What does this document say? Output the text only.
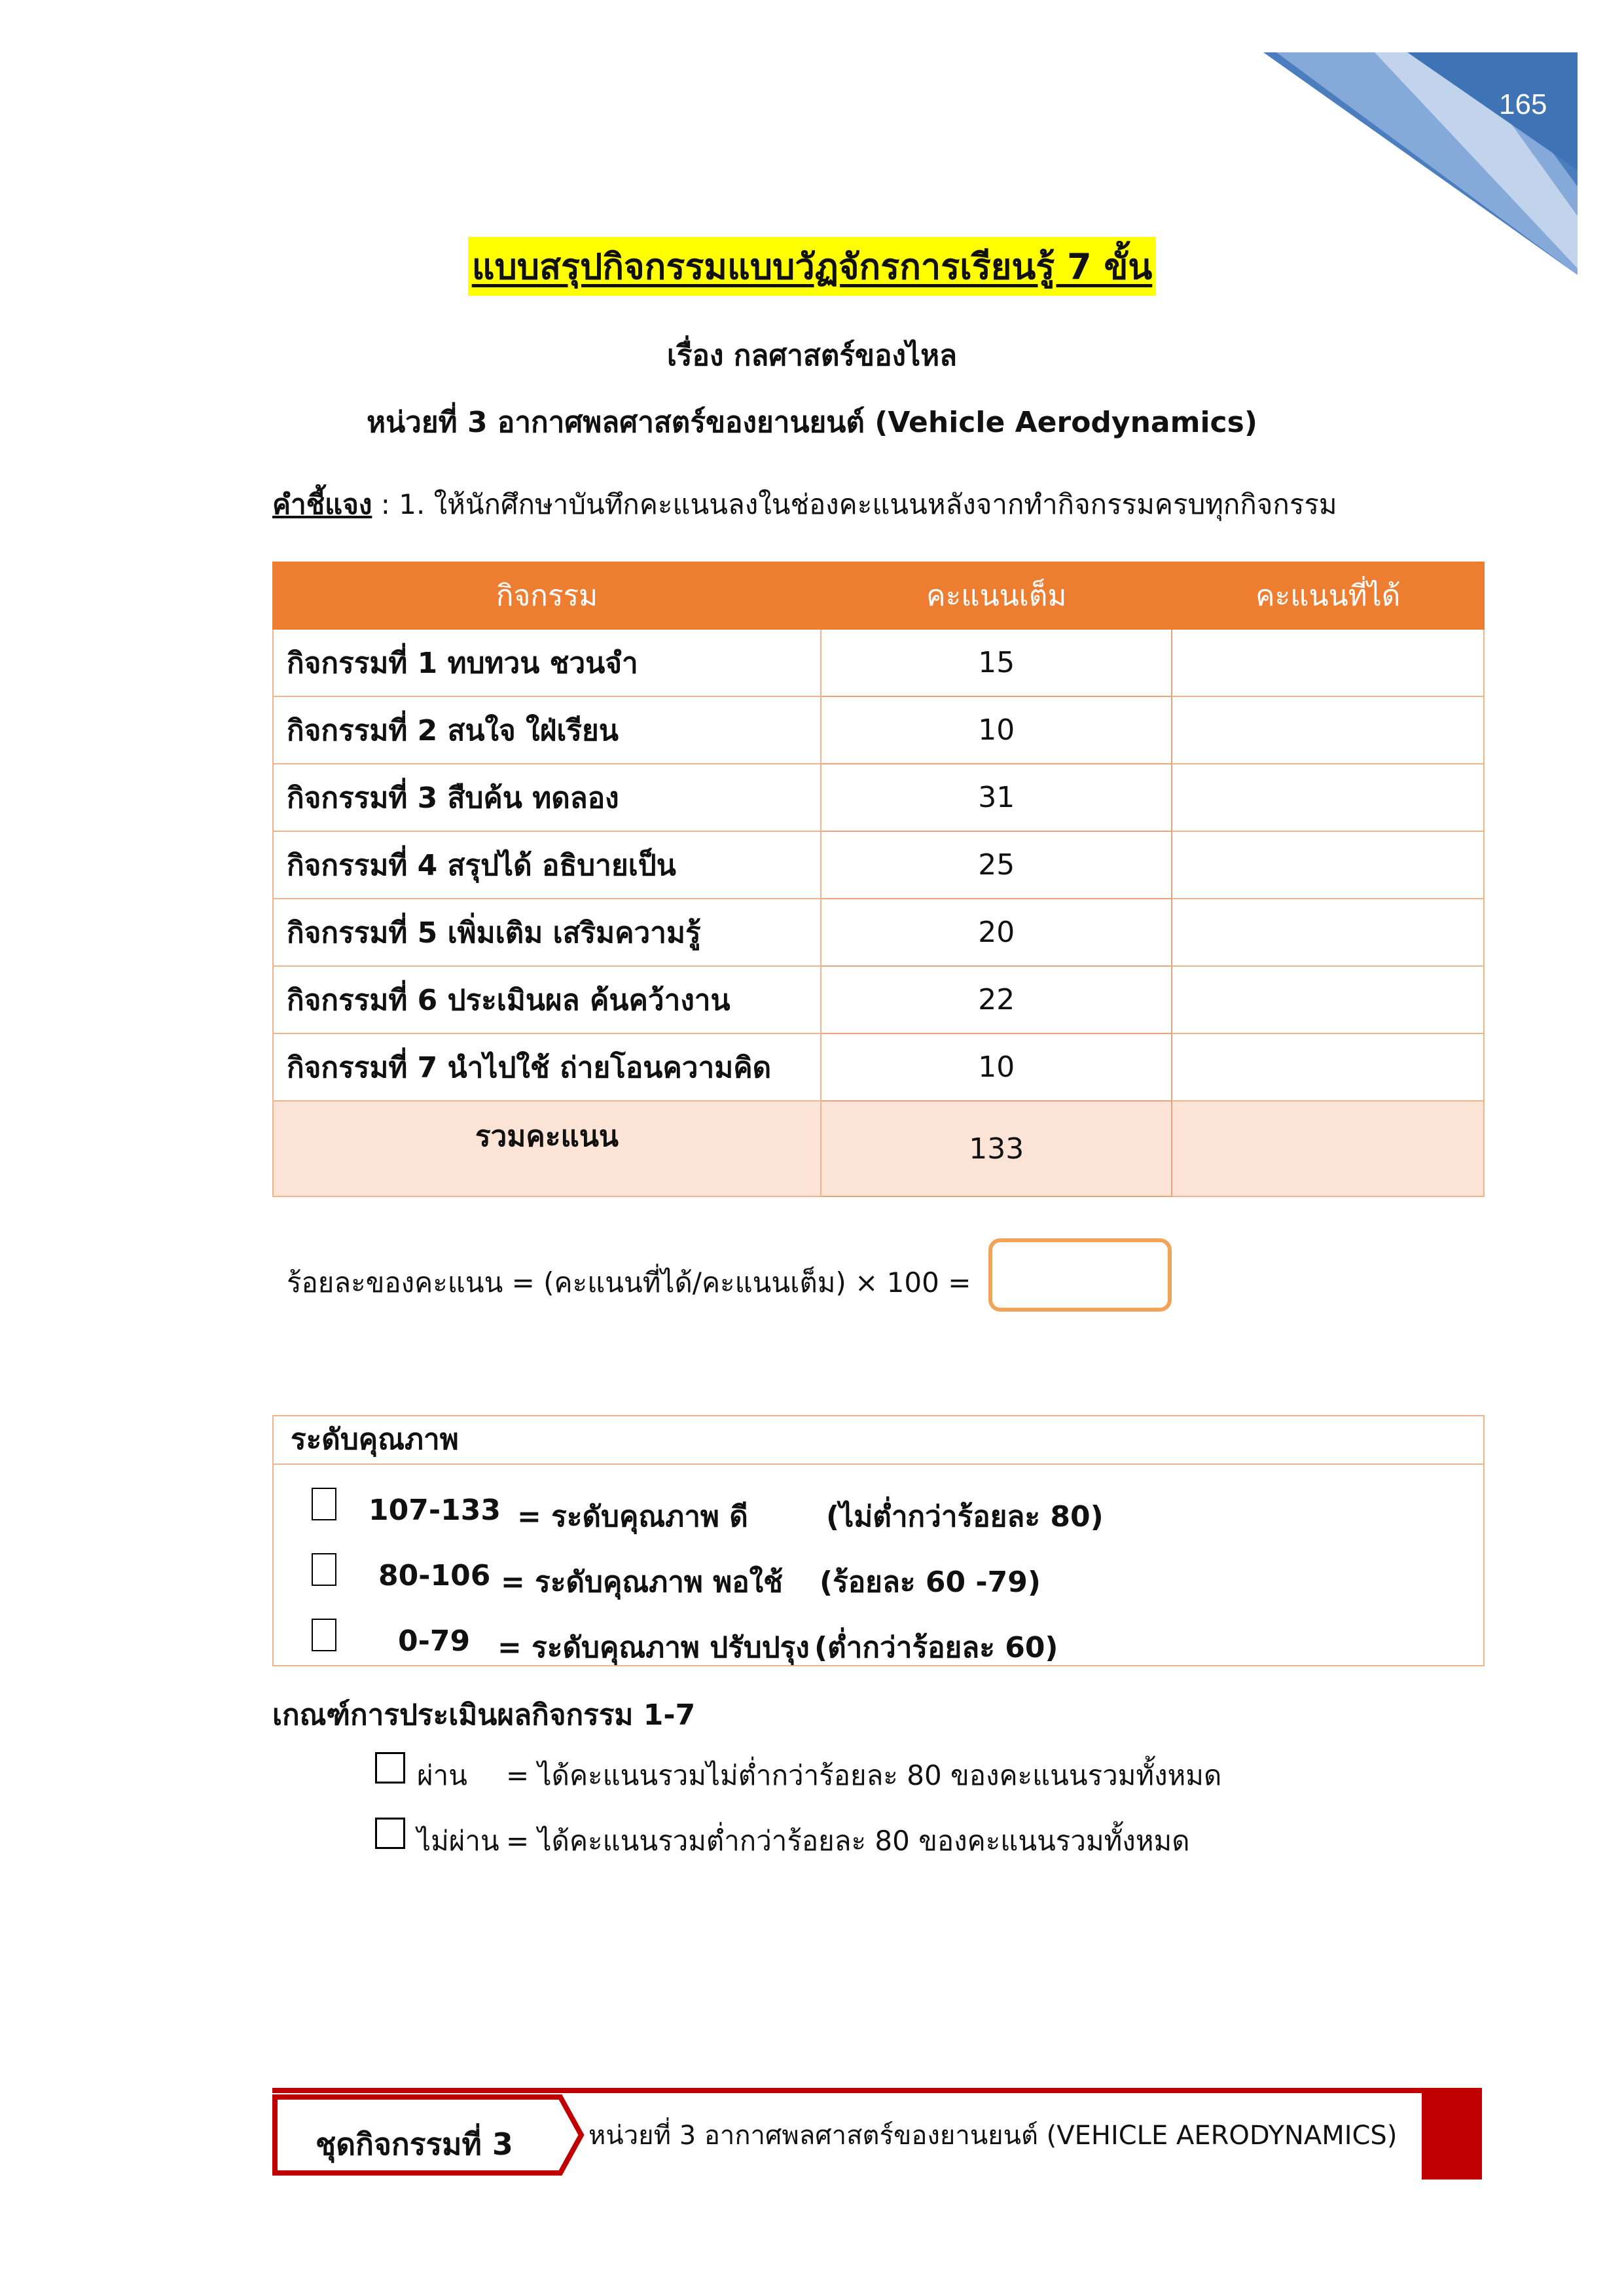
165
แบบสรุปกิจกรรมแบบวัฏจักรการเรียนรู้ 7 ขั้น
เรื่อง กลศาสตร์ของไหล
หน่วยที่ 3 อากาศพลศาสตร์ของยานยนต์ (Vehicle Aerodynamics)
คำชี้แจง : 1. ให้นักศึกษาบันทึกคะแนนลงในช่องคะแนนหลังจากทำกิจกรรมครบทุกกิจกรรม
กิจกรรม	คะแนนเต็ม	คะแนนที่ได้
กิจกรรมที่ 1 ทบทวน ชวนจำ	15	
กิจกรรมที่ 2 สนใจ ใฝ่เรียน	10	
กิจกรรมที่ 3 สืบค้น ทดลอง	31	
กิจกรรมที่ 4 สรุปได้ อธิบายเป็น	25	
กิจกรรมที่ 5 เพิ่มเติม เสริมความรู้	20	
กิจกรรมที่ 6 ประเมินผล ค้นคว้างาน	22	
กิจกรรมที่ 7 นำไปใช้ ถ่ายโอนความคิด	10	
รวมคะแนน	133	
ร้อยละของคะแนน = (คะแนนที่ได้/คะแนนเต็ม) × 100 =
ระดับคุณภาพ
107-133 = ระดับคุณภาพ ดี	(ไม่ต่ำกว่าร้อยละ 80)
80-106 = ระดับคุณภาพ พอใช้ (ร้อยละ 60 -79)
0-79 = ระดับคุณภาพ ปรับปรุง (ต่ำกว่าร้อยละ 60)
เกณฑ์การประเมินผลกิจกรรม 1-7
ผ่าน = ได้คะแนนรวมไม่ต่ำกว่าร้อยละ 80 ของคะแนนรวมทั้งหมด
ไม่ผ่าน = ได้คะแนนรวมต่ำกว่าร้อยละ 80 ของคะแนนรวมทั้งหมด
ชุดกิจกรรมที่ 3	หน่วยที่ 3 อากาศพลศาสตร์ของยานยนต์ (VEHICLE AERODYNAMICS)
